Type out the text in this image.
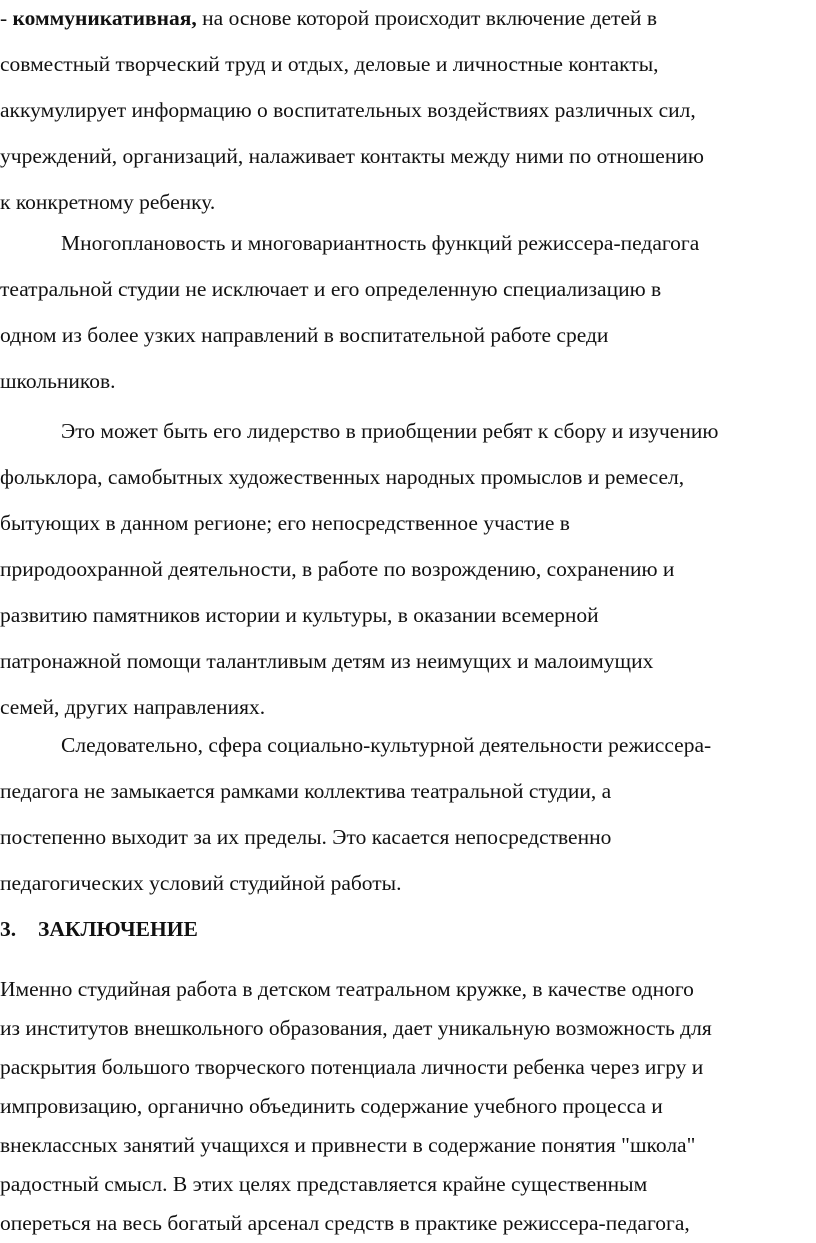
- коммуникативная, на основе которой происходит включение детей в
совместный творческий труд и отдых, деловые и личностные контакты,
аккумулирует информацию о воспитательных воздействиях различных сил,
учреждений, организаций, налаживает контакты между ними по отношению
к конкретному ребенку.

Многоплановость и многовариантность функций режиссера-педагога
театральной студии не исключает и его определенную специализацию в
одном из более узких направлений в воспитательной работе среди
школьников.

Это может быть его лидерство в приобщении ребят к сбору и изучению
фольклора, самобытных художественных народных промыслов и ремесел,
бытующих в данном регионе; его непосредственное участие в
природоохранной деятельности, в работе по возрождению, сохранению и
развитию памятников истории и культуры, в оказании всемерной
патронажной помощи талантливым детям из неимущих и малоимущих
семей, других направлениях.

Следовательно, сфера социально-культурной деятельности режиссера-
педагога не замыкается рамками коллектива театральной студии, а
постепенно выходит за их пределы. Это касается непосредственно
педагогических условий студийной работы.

3. ЗАКЛЮЧЕНИЕ

Именно студийная работа в детском театральном кружке, в качестве одного
из институтов внешкольного образования, дает уникальную возможность для
раскрытия большого творческого потенциала личности ребенка через игру и
импровизацию, органично объединить содержание учебного процесса и
внеклассных занятий учащихся и привнести в содержание понятия "школа"
радостный смысл. В этих целях представляется крайне существенным
опереться на весь богатый арсенал средств в практике режиссера-педагога,
